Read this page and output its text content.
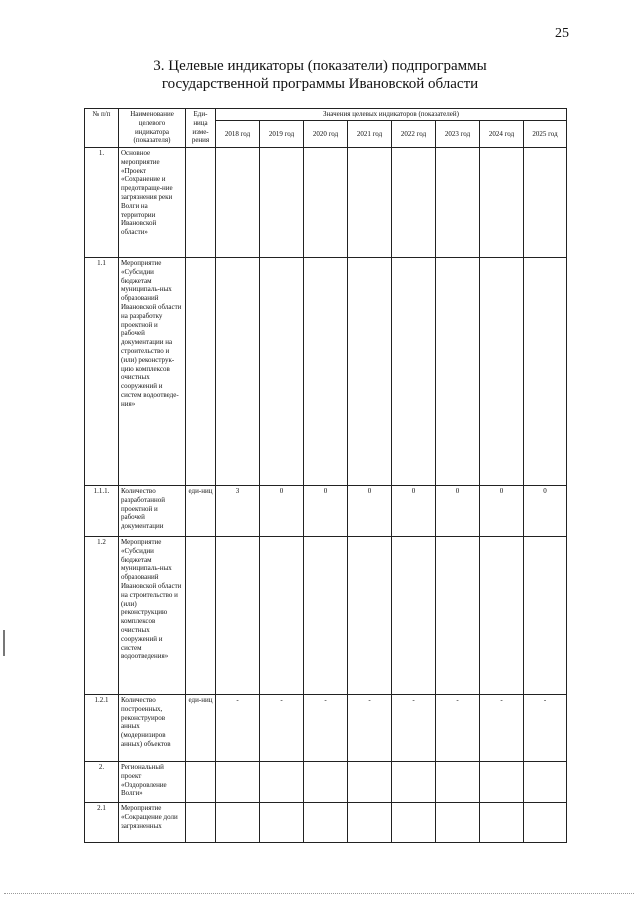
25
3. Целевые индикаторы (показатели) подпрограммы
государственной программы Ивановской области
№ п/п	Наименование целевого индикатора (показателя)	Еди-ница изме-рения	Значения целевых индикаторов (показателей)							
			2018 год	2019 год	2020 год	2021 год	2022 год	2023 год	2024 год	2025 год
1.	Основное мероприятие «Проект «Сохранение и предотвраще-ние загрязнения реки Волги на территории Ивановской области»									
1.1	Мероприятие «Субсидии бюджетам муниципаль-ных образований Ивановской области на разработку проектной и рабочей документации на строительство и (или) реконструк-цию комплексов очистных сооружений и систем водоотведе-ния»									
1.1.1.	Количество разработанной проектной и рабочей документации	еди-ниц	3	0	0	0	0	0	0	0
1.2	Мероприятие «Субсидии бюджетам муниципаль-ных образований Ивановской области на строительство и (или) реконструкцию комплексов очистных сооружений и систем водоотведения»									
1.2.1	Количество построенных, реконструиров анных (модернизиров анных) объектов	еди-ниц	-	-	-	-	-	-	-	-
2.	Региональный проект «Оздоровление Волги»									
2.1	Мероприятие «Сокращение доли загрязненных									
